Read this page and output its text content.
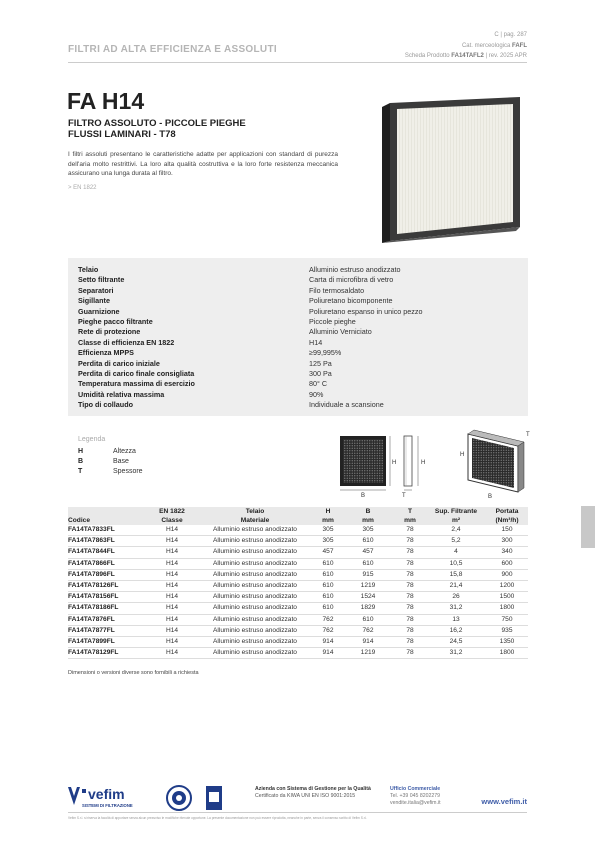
FILTRI AD ALTA EFFICIENZA E ASSOLUTI
C | pag. 287
Cat. merceologica FAFL
Scheda Prodotto FA14TAFL2 | rev. 2025 APR
FA H14
FILTRO ASSOLUTO - PICCOLE PIEGHE
FLUSSI LAMINARI - T78
I filtri assoluti presentano le caratteristiche adatte per applicazioni con standard di purezza dell'aria molto restrittivi. La loro alta qualità costruttiva e la loro forte resistenza meccanica assicurano una lunga durata al filtro.
> EN 1822
Telaio	Alluminio estruso anodizzato
Setto filtrante	Carta di microfibra di vetro
Separatori	Filo termosaldato
Sigillante	Poliuretano bicomponente
Guarnizione	Poliuretano espanso in unico pezzo
Pieghe pacco filtrante	Piccole pieghe
Rete di protezione	Alluminio Verniciato
Classe di efficienza EN 1822	H14
Efficienza MPPS	≥99,995%
Perdita di carico iniziale	125 Pa
Perdita di carico finale consigliata	300 Pa
Temperatura massima di esercizio	80° C
Umidità relativa massima	90%
Tipo di collaudo	Individuale a scansione
Legenda
H	Altezza
B	Base
T	Spessore
H
B
H
T
H
B
T
	EN 1822	Telaio	H	B	T	Sup. Filtrante	Portata
Codice	Classe	Materiale	mm	mm	mm	m²	(Nm³/h)
FA14TA7833FL	H14	Alluminio estruso anodizzato	305	305	78	2,4	150
FA14TA7863FL	H14	Alluminio estruso anodizzato	305	610	78	5,2	300
FA14TA7844FL	H14	Alluminio estruso anodizzato	457	457	78	4	340
FA14TA7866FL	H14	Alluminio estruso anodizzato	610	610	78	10,5	600
FA14TA7896FL	H14	Alluminio estruso anodizzato	610	915	78	15,8	900
FA14TA78126FL	H14	Alluminio estruso anodizzato	610	1219	78	21,4	1200
FA14TA78156FL	H14	Alluminio estruso anodizzato	610	1524	78	26	1500
FA14TA78186FL	H14	Alluminio estruso anodizzato	610	1829	78	31,2	1800
FA14TA7876FL	H14	Alluminio estruso anodizzato	762	610	78	13	750
FA14TA7877FL	H14	Alluminio estruso anodizzato	762	762	78	16,2	935
FA14TA7899FL	H14	Alluminio estruso anodizzato	914	914	78	24,5	1350
FA14TA78129FL	H14	Alluminio estruso anodizzato	914	1219	78	31,2	1800
Dimensioni o versioni diverse sono fornibili a richiesta
vefim
SISTEMI DI FILTRAZIONE
Azienda con Sistema di Gestione per la Qualità
Certificato da KIWA UNI EN ISO 9001:2015
Ufficio Commerciale
Tel. +39 045 8202279
vendite.italia@vefim.it	www.vefim.it
Vefim S.r.l. si riserva la facoltà di apportare senza alcun preavviso le modifiche ritenute opportune. La presente documentazione non può essere riprodotta, neanche in parte, senza il consenso scritto di Vefim S.r.l.
